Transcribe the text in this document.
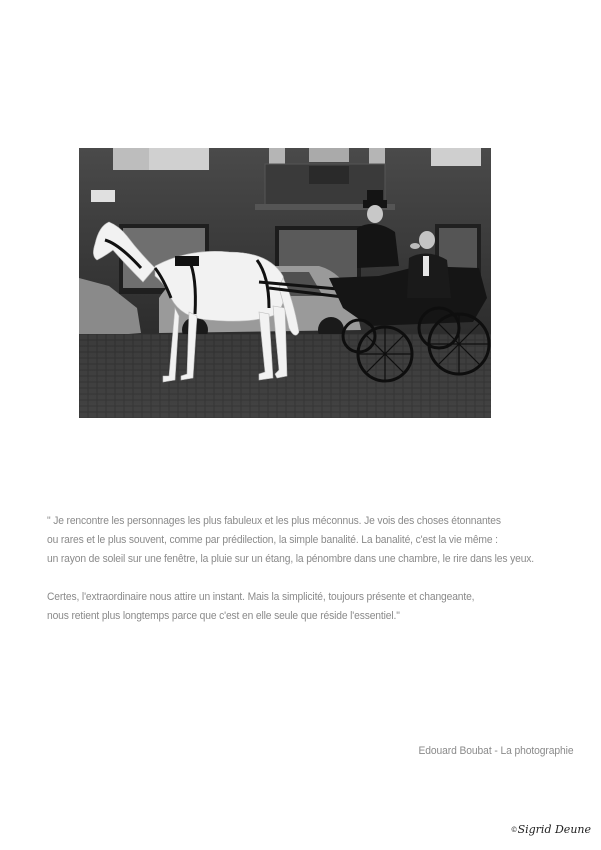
" Je rencontre les personnages les plus fabuleux et les plus méconnus. Je vois des choses étonnantes
ou rares et le plus souvent, comme par prédilection, la simple banalité. La banalité, c'est la vie même :
un rayon de soleil sur une fenêtre, la pluie sur un étang, la pénombre dans une chambre, le rire dans les yeux.
Certes, l'extraordinaire nous attire un instant. Mais la simplicité, toujours présente et changeante,
nous retient plus longtemps parce que c'est en elle seule que réside l'essentiel."
Edouard Boubat - La photographie
©Sigrid Deune
